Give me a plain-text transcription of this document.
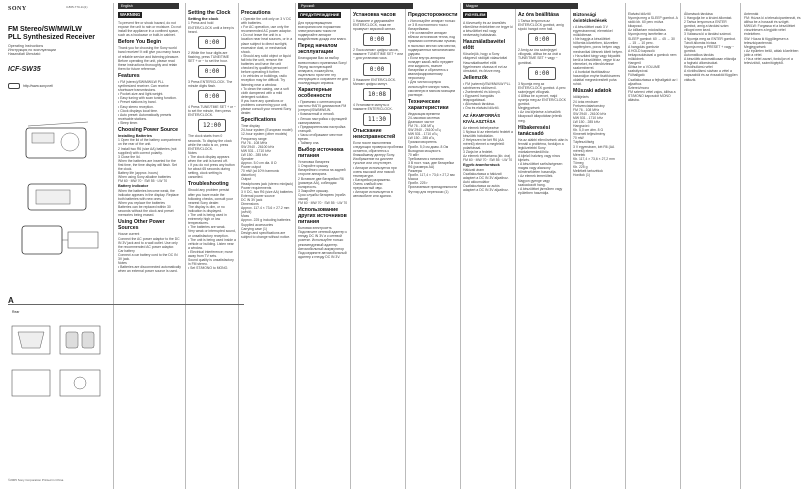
SONY	3-865-770-11(1)
FM Stereo/SW/MW/LW
PLL Synthesized Receiver
Operating Instructions
Инструкция по эксплуатации
Használati Útmutató
ICF-SW35
http://www.sony.net/
A
Rear
©2005 Sony Corporation Printed in China
English
WARNING
To prevent fire or shock hazard, do not expose the unit to rain or moisture. Do not install the appliance in a confined space, such as a bookcase or built-in cabinet.
Before You Begin
Thank you for choosing the Sony world band receiver! It will give you many hours of reliable service and listening pleasure. Before operating the unit, please read these instructions thoroughly and retain them for future reference.
Features
• FM (stereo)/SW/MW/LW PLL synthesized receiver. Can receive shortwave transmissions.
• Pocket-size and light-weight.
• Easy tuning with scan tuning function.
• Preset stations by band.
• Easy stereo reception.
• Clock displays local time.
• Auto preset: Automatically presets receivable stations.
• Sleep timer.
Choosing Power Source
Installing Batteries
1 Open the lid of the battery compartment on the rear of the unit.
2 Install two R6 (size AA) batteries (not supplied) with correct polarity.
3 Close the lid.
When the batteries are inserted for the first time, the time display will flash. Set the clock.
Battery life (approx. hours)
When using Sony alkaline batteries
FM 60 · MW 70 · SW 55 · LW 70
Battery indicator
When the batteries become weak, the indicator appears in the display. Replace both batteries with new ones.
When you replace the batteries
Batteries can be replaced within 30 seconds without the clock and preset memories being erased.
Using Other Power Sources
House current
Connect the AC power adaptor to the DC IN 3V jack and to a wall outlet. Use only the recommended AC power adaptor.
Car battery
Connect a car battery cord to the DC IN 3V jack.
Notes
• Batteries are disconnected automatically when an external power source is used.
Setting the Clock
Setting the clock
1 Press and hold ENTER/CLOCK until a beep is heard.
0:00
2 While the hour digits are flashing, press TUNE/TIME SET + or − to set the hour.
0:00
3 Press ENTER/CLOCK. The minute digits flash.
0:00
4 Press TUNE/TIME SET + or − to set the minute, then press ENTER/CLOCK.
12:00
The clock starts from 0 seconds. To display the clock while the radio is on, press ENTER/CLOCK.
Notes
• The clock display appears when the unit is turned off.
• If you do not press any button for about 65 seconds during setting, clock setting is cancelled.
Troubleshooting
Should any problem persist after you have made the following checks, consult your nearest Sony dealer.
The display is dim, or no indication is displayed.
• The unit is being used in extremely high or low temperatures.
• The batteries are weak.
Very weak or interrupted sound, or unsatisfactory reception.
• The unit is being used inside a vehicle or building. Listen near a window.
• Electrical interference; move away from TV sets.
Sound quality is unsatisfactory in FM stereo.
• Set ST/MONO to MONO.
Precautions
• Operate the unit only on 3 V DC with batteries.
• For AC operation, use only the recommended AC power adaptor.
• Do not leave the unit in a location near heat sources, or in a place subject to direct sunlight, excessive dust, or mechanical shock.
• Should any solid object or liquid fall into the unit, remove the batteries and have the unit checked by qualified personnel before operating it further.
• In vehicles or buildings, radio reception may be difficult. Try listening near a window.
• To clean the casing, use a soft cloth dampened with a mild detergent solution.
If you have any questions or problems concerning your unit, please consult your nearest Sony dealer.
Specifications
Time display
24-hour system (European model)
12-hour system (other models)
Frequency range
FM 76 - 108 MHz
SW 2940 - 26100 kHz
MW 531 - 1710 kHz
LW 150 - 285 kHz
Speaker
Approx. 5.0 cm dia. 8 Ω
Power output
70 mW (at 10% harmonic distortion)
Output
Headphones jack (stereo minijack)
Power requirements
3 V DC, two R6 (size AA) batteries
External power source
DC IN 3V jack
Dimensions
Approx. 117.4 × 73.6 × 27.2 mm (w/h/d)
Mass
Approx. 225 g including batteries
Supplied accessories
Carrying case (1)
Design and specifications are subject to change without notice.
Русский
ПРЕДУПРЕЖДЕНИЕ
Для предотвращения возгорания или поражения электрическим током не подвергайте аппарат воздействию дождя или влаги.
Перед началом эксплуатации
Благодарим Вас за выбор всеволнового приемника Sony! Перед эксплуатацией аппарата, пожалуйста, тщательно прочтите эту инструкцию и сохраните ее для последующих справок.
Характерные особенности
• Приемник с синтезатором частоты ФАПЧ диапазонов FM (стерео)/SW/MW/LW.
• Компактный и легкий.
• Легкая настройка с функцией сканирования.
• Предварительная настройка станций.
• Часы отображают местное время.
• Таймер сна.
Выбор источника питания
Установка батареек
1 Откройте крышку батарейного отсека на задней стороне аппарата.
2 Вставьте две батарейки R6 (размера AA), соблюдая полярность.
3 Закройте крышку.
Срок службы батареек (прибл. часов)
FM 60 · MW 70 · SW 55 · LW 70
Использование других источников питания
Бытовая электросеть
Подключите сетевой адаптер к гнезду DC IN 3V и к сетевой розетке. Используйте только рекомендуемый адаптер.
Автомобильный аккумулятор
Подсоедините автомобильный адаптер к гнезду DC IN 3V.
Установка часов
1 Нажмите и удерживайте ENTER/CLOCK, пока не прозвучит звуковой сигнал.
0:00
2 Пока мигают цифры часов, нажмите TUNE/TIME SET + или − для установки часа.
0:00
3 Нажмите ENTER/CLOCK. Мигают цифры минут.
10:08
4 Установите минуты и нажмите ENTER/CLOCK.
11:30
Отыскание неисправностей
Если после выполнения следующих проверок проблема остается, обратитесь к ближайшему дилеру Sony.
Изображение на дисплее тусклое или отсутствует.
• Аппарат используется при очень высокой или низкой температуре.
• Батарейки разряжены.
Очень слабый или прерывистый звук.
• Аппарат используется в автомобиле или здании.
Предосторожности
• Используйте аппарат только от 3 В постоянного тока с батарейками.
• Не оставляйте аппарат вблизи источников тепла, под прямыми солнечными лучами, в пыльных местах или местах, подверженных механическим ударам.
• Если внутрь аппарата попадет какой-либо предмет или жидкость, выньте батарейки и обратитесь к квалифицированному персоналу.
• Для чистки корпуса используйте мягкую ткань, смоченную в мягком моющем растворе.
Технические характеристики
Индикация времени
24-часовая система
Диапазон частот
FM 76 - 108 МГц
SW 2940 - 26100 кГц
MW 531 - 1710 кГц
LW 150 - 285 кГц
Громкоговоритель
Прибл. 5,0 см диам. 8 Ом
Выходная мощность
70 мВт
Требования к питанию
3 В пост. тока, две батарейки R6 (размера AA)
Размеры
Прибл. 117,4 × 73,6 × 27,2 мм
Масса
Прибл. 225 г
Прилагаемые принадлежности
Футляр для переноски (1)
Magyar
FIGYELEM
A tűzveszély és az áramütés elkerülése érdekében ne tegye ki a készüléket eső vagy nedvesség hatásának.
Használatbavétel előtt
Köszönjük, hogy a Sony világvevő rádióját választotta! Használatbavétel előtt figyelmesen olvassa el ezt az útmutatót, és őrizze meg.
Jellemzők
• FM (sztereó)/SW/MW/LW PLL szintézeres rádióvevő.
• Zsebméretű és könnyű.
• Egyszerű hangolás letapogatással.
• Állomások tárolása.
• Óra és elalvási időzítő.
AZ ÁRAMFORRÁS KIVÁLASZTÁSA
Az elemek behelyezése
1 Nyissa ki az elemtartó fedelét a készülék hátoldalán.
2 Helyezzen be két R6 (AA méretű) elemet a megfelelő polaritással.
3 Zárja be a fedelet.
Az elemek élettartama (kb. óra)
FM 60 · MW 70 · SW 55 · LW 70
Egyéb áramforrások
Hálózati áram
Csatlakoztassa a hálózati adaptert a DC IN 3V aljzathoz.
Autó akkumulátor
Csatlakoztassa az autós adaptert a DC IN 3V aljzathoz.
Az óra beállítása
1 Tartsa lenyomva az ENTER/CLOCK gombot, amíg sípoló hangot nem hall.
0:00
2 Amíg az óra számjegyei villognak, állítsa be az órát a TUNE/TIME SET + vagy − gombbal.
0:00
3 Nyomja meg az ENTER/CLOCK gombot. A perc számjegyei villognak.
4 Állítsa be a percet, majd nyomja meg az ENTER/CLOCK gombot.
Megjegyzések
• Az óra kijelzése a készülék kikapcsolt állapotában jelenik meg.
Hibakeresési tanácsadó
Ha az alábbi ellenőrzések után is fennáll a probléma, forduljon a legközelebbi Sony márkakereskedőhöz.
A kijelző halvány vagy nincs kijelzés.
• A készüléket szélsőségesen magas vagy alacsony hőmérsékleten használja.
• Az elemek lemerültek.
Nagyon gyenge vagy szakadozott hang.
• A készüléket járműben vagy épületben használja.
Biztonsági óvintézkedések
• A készüléket csak 3 V egyenárammal, elemekkel működtesse.
• Ne hagyja a készüléket hőforrás közelében, közvetlen napfényben, poros helyen vagy mechanikai ütésnek kitett helyen.
• Ha szilárd tárgy vagy folyadék kerül a készülékbe, vegye ki az elemeket, és ellenőriztesse szakemberrel.
• A burkolat tisztításához használjon enyhe tisztítószeres oldattal megnedvesített puha ruhát.
Műszaki adatok
Időkijelzés
24 órás rendszer
Frekvenciatartomány
FM 76 - 108 MHz
SW 2940 - 26100 kHz
MW 531 - 1710 kHz
LW 150 - 285 kHz
Hangszóró
Kb. 5,0 cm átm. 8 Ω
Kimeneti teljesítmény
70 mW
Tápfeszültség
3 V egyenáram, két R6 (AA méretű) elem
Méretek
Kb. 117,4 × 73,6 × 27,2 mm
Tömeg
Kb. 225 g
Mellékelt tartozékok
Hordtok (1)
Elalvási időzítő
Nyomja meg a SLEEP gombot. A rádió kb. 60 perc múlva kikapcsol.
Az időtartam módosítása
Nyomja meg ismételten a SLEEP gombot: 60 → 45 → 30 → 15 → 10 perc.
A hangolás gombzár
A HOLD kapcsoló bekapcsolásával a gombok nem működnek.
Hangerő
Állítsa be a VOLUME szabályzóval.
Fülhallgató
Csatlakoztassa a fejhallgatót az i aljzathoz.
Sztereó/mono
FM sztereó vétel zajos, állítsa a ST/MONO kapcsolót MONO állásba.
Állomások tárolása
1 Hangolja be a kívánt állomást.
2 Tartsa lenyomva a ENTER gombot, amíg a tárolási szám villogni nem kezd.
3 Válassza ki a tárolási számot.
4 Nyomja meg az ENTER gombot.
Tárolt állomás hívása
Nyomja meg a PRESET + vagy − gombot.
Automatikus tárolás
A készülék automatikusan eltárolja a fogható állomásokat.
Rövidhullámú vétel
A rövidhullámú sávban a vétel a napszaktól és az évszaktól függően változik.
Antennák
FM: Húzza ki a teleszkópantennát, és állítsa be a hosszát és szögét.
MW/LW: Forgassa el a készüléket vízszintesen a legjobb vétel érdekében.
SW: Húzza ki függőlegesen a teleszkópantennát.
Megjegyzések
• Az épületen belül, ablak közelében jobb a vétel.
• Ha a vétel zavart, forduljon el a televíziótól, számítógéptől.
